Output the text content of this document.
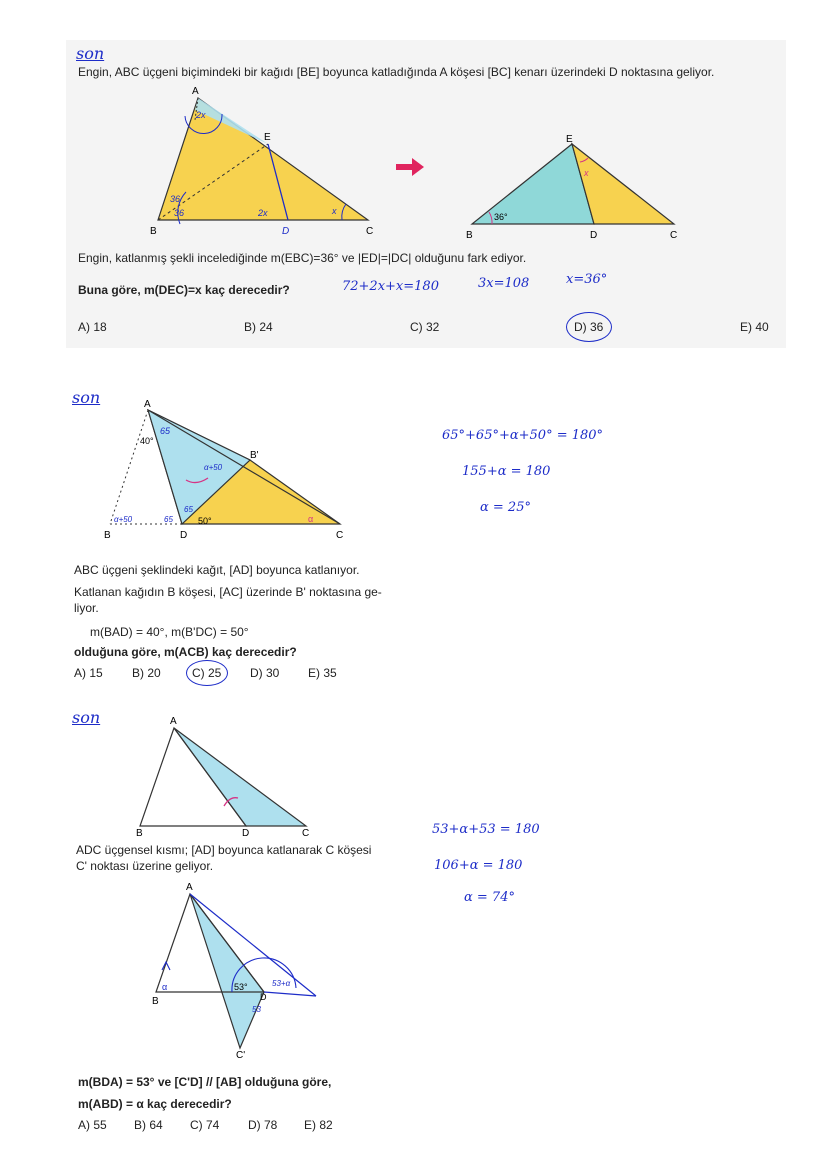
son
Engin, ABC üçgeni biçimindeki bir kağıdı [BE] boyunca katladığında A köşesi [BC] kenarı üzerindeki D noktasına geliyor.
A
B	C
E
D
2x
36
36	2x	x
E
B	D	C
36°
x
Engin, katlanmış şekli incelediğinde m(EBC)=36° ve |ED|=|DC| olduğunu fark ediyor.
Buna göre, m(DEC)=x kaç derecedir?	72+2x+x=180	3x=108	x=36°
A) 18	B) 24	C) 32	D) 36	E) 40
son	A
B
B'
C
D
40°
65
65
65
50°	α
α+50
α+50
65°+65°+α+50° = 180°
155+α = 180
α = 25°
ABC üçgeni şeklindeki kağıt, [AD] boyunca katlanıyor.
Katlanan kağıdın B köşesi, [AC] üzerinde B' noktasına ge-
liyor.
m(BAD) = 40°, m(B'DC) = 50°
olduğuna göre, m(ACB) kaç derecedir?
A) 15 B) 20	C) 25 D) 30 E) 35
son	A
B	D	C
ADC üçgensel kısmı; [AD] boyunca katlanarak C köşesi
C' noktası üzerine geliyor.
A
B	D
C'
53°
α	53+α
53
53+α+53 = 180
106+α = 180
α = 74°
m(BDA) = 53° ve [C'D] // [AB] olduğuna göre,
m(ABD) = α kaç derecedir?
A) 55 B) 64 C) 74 D) 78 E) 82
